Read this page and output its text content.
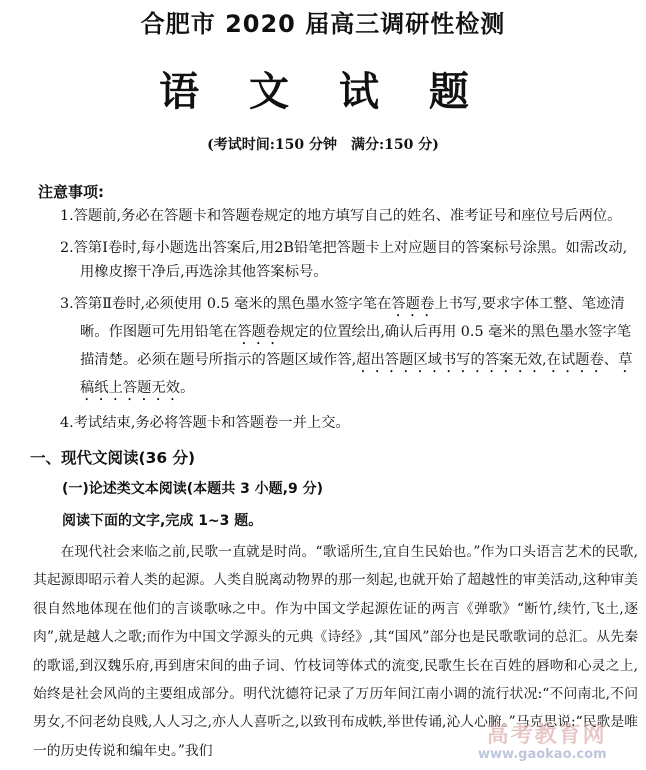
合肥市 2020 届高三调研性检测
语 文 试 题
(考试时间:150 分钟　满分:150 分)
注意事项:
1.答题前,务必在答题卡和答题卷规定的地方填写自己的姓名、准考证号和座位号后两位。
2.答第Ⅰ卷时,每小题选出答案后,用2B铅笔把答题卡上对应题目的答案标号涂黑。如需改动,用橡皮擦干净后,再选涂其他答案标号。
3.答第Ⅱ卷时,必须使用 0.5 毫米的黑色墨水签字笔在答题卷上书写,要求字体工整、笔迹清晰。作图题可先用铅笔在答题卷规定的位置绘出,确认后再用 0.5 毫米的黑色墨水签字笔描清楚。必须在题号所指示的答题区域作答,超出答题区域书写的答案无效,在试题卷、草稿纸上答题无效。
4.考试结束,务必将答题卡和答题卷一并上交。
一、现代文阅读(36 分)
(一)论述类文本阅读(本题共 3 小题,9 分)
阅读下面的文字,完成 1~3 题。
在现代社会来临之前,民歌一直就是时尚。“歌谣所生,宜自生民始也。”作为口头语言艺术的民歌,其起源即昭示着人类的起源。人类自脱离动物界的那一刻起,也就开始了超越性的审美活动,这种审美很自然地体现在他们的言谈歌咏之中。作为中国文学起源佐证的两言《弹歌》“断竹,续竹,飞土,逐肉”,就是越人之歌;而作为中国文学源头的元典《诗经》,其“国风”部分也是民歌歌词的总汇。从先秦的歌谣,到汉魏乐府,再到唐宋间的曲子词、竹枝词等体式的流变,民歌生长在百姓的唇吻和心灵之上,始终是社会风尚的主要组成部分。明代沈德符记录了万历年间江南小调的流行状况:“不问南北,不问男女,不问老幼良贱,人人习之,亦人人喜听之,以致刊布成帙,举世传诵,沁人心腑。”马克思说:“民歌是唯一的历史传说和编年史。”我们
高考教育网
www.gaokao.com
